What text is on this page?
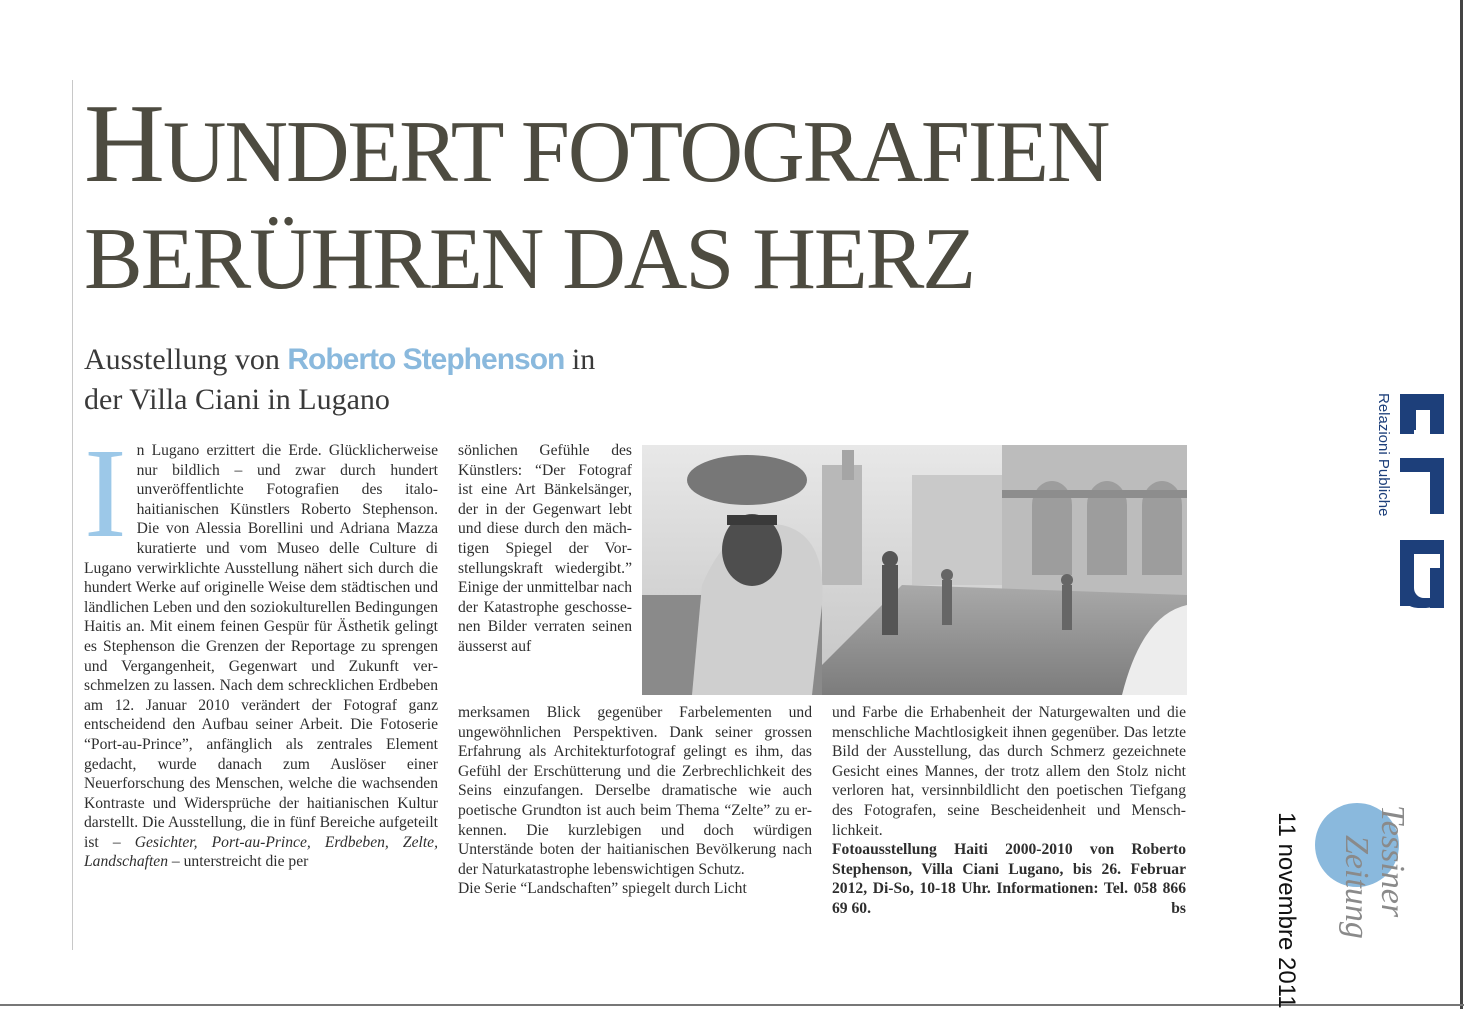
HUNDERT FOTOGRAFIEN
BERÜHREN DAS HERZ
Ausstellung von Roberto Stephenson in
der Villa Ciani in Lugano

In Lugano erzittert die Erde. Glücklicherweise nur bildlich – und zwar durch hundert unveröffentlichte Fotografien des italo-haitianischen Künstlers Roberto Stephenson. Die von Alessia Borellini und Adriana Mazza kuratierte und vom Museo delle Culture di Lugano verwirklichte Ausstellung nähert sich durch die hundert Werke auf originelle Weise dem städtischen und ländlichen Leben und den soziokulturellen Bedingungen Haitis an. Mit einem feinen Gespür für Ästhetik gelingt es Stephenson die Grenzen der Reportage zu sprengen und Vergangenheit, Gegenwart und Zukunft verschmelzen zu lassen. Nach dem schrecklichen Erdbeben am 12. Januar 2010 verändert der Fotograf ganz entscheidend den Aufbau seiner Arbeit. Die Fotoserie “Port-au-Prince”, anfänglich als zentrales Element gedacht, wurde danach zum Auslöser einer Neuerforschung des Menschen, welche die wachsenden Kontraste und Widersprüche der haitianischen Kultur darstellt. Die Ausstellung, die in fünf Bereiche aufgeteilt ist – Gesichter, Port-au-Prince, Erdbeben, Zelte, Landschaften – unterstreicht die per

sönlichen Gefühle des Künstlers: “Der Fotograf ist eine Art Bänkelsänger, der in der Gegenwart lebt und diese durch den mächtigen Spiegel der Vorstellungskraft wiedergibt.” Einige der unmittelbar nach der Katastrophe geschossenen Bilder verraten seinen äusserst auf

merksamen Blick gegenüber Farbelementen und ungewöhnlichen Perspektiven. Dank seiner grossen Erfahrung als Architekturfotograf gelingt es ihm, das Gefühl der Erschütterung und die Zerbrechlichkeit des Seins einzufangen. Derselbe dramatische wie auch poetische Grundton ist auch beim Thema “Zelte” zu erkennen. Die kurzlebigen und doch würdigen Unterstände boten der haitianischen Bevölkerung nach der Naturkatastrophe lebenswichtigen Schutz.

Die Serie “Landschaften” spiegelt durch Licht

und Farbe die Erhabenheit der Naturgewalten und die menschliche Machtlosigkeit ihnen gegenüber. Das letzte Bild der Ausstellung, das durch Schmerz gezeichnete Gesicht eines Mannes, der trotz allem den Stolz nicht verloren hat, versinnbildlicht den poetischen Tiefgang des Fotografen, seine Bescheidenheit und Menschlichkeit.

Fotoausstellung Haiti 2000-2010 von Roberto Stephenson, Villa Ciani Lugano, bis 26. Februar 2012, Di-So, 10-18 Uhr. Informationen: Tel. 058 866 69 60.	bs

Relazioni Publiche
11 novembre 2011 Tessiner
Zeitung
